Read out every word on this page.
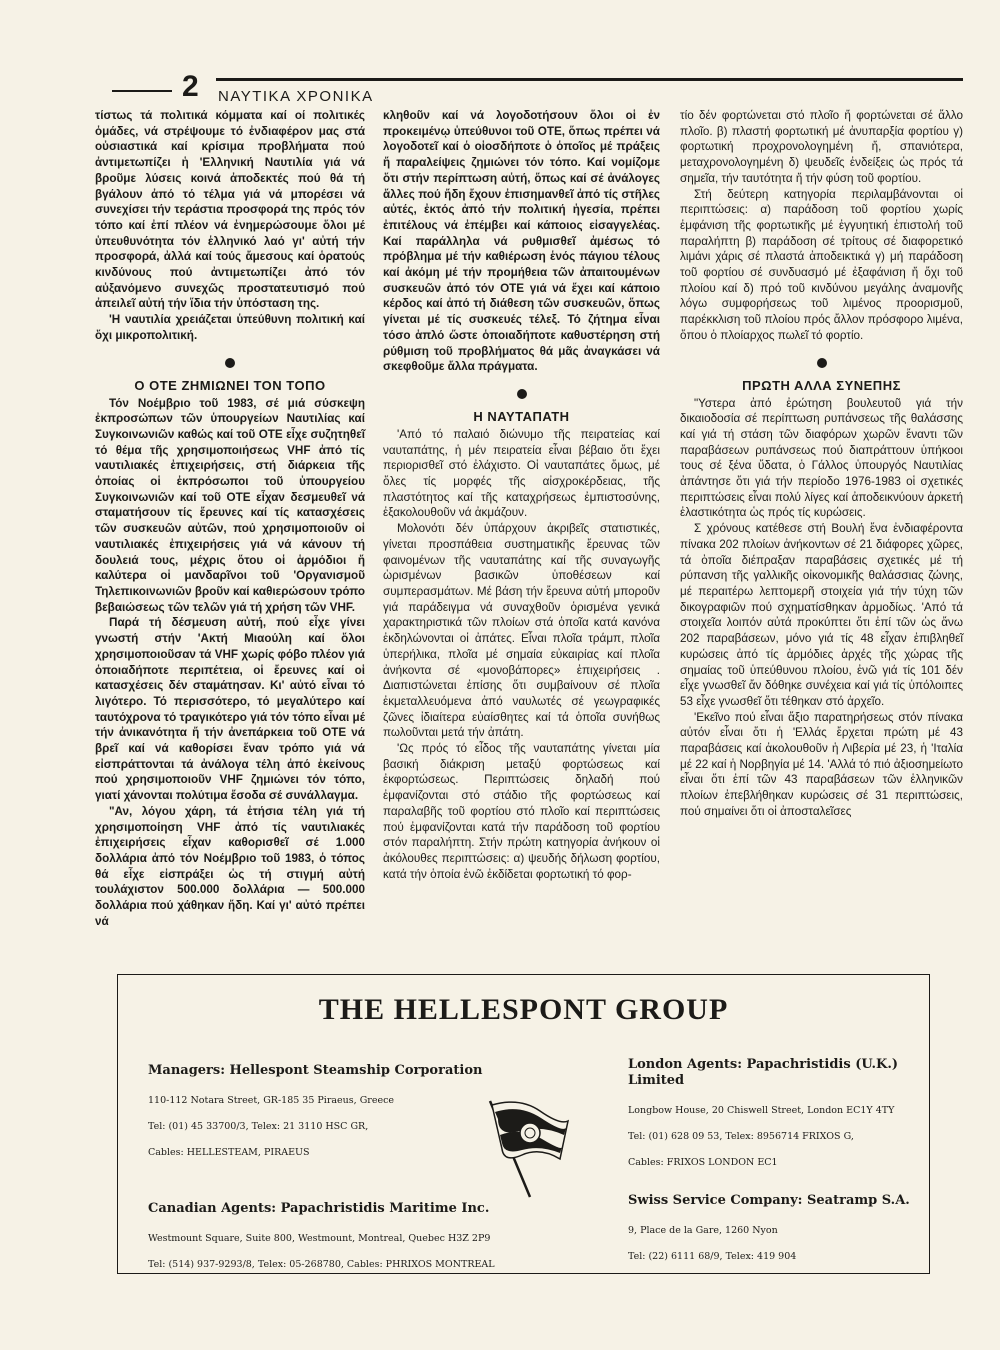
2 ΝΑΥΤΙΚΑ ΧΡΟΝΙΚΑ

τίστως τά πολιτικά κόμματα καί οί πολιτικές ὁμάδες, νά στρέψουμε τό ἐνδιαφέρον μας στά οὐσιαστικά καί κρίσιμα προβλήματα πού ἀντιμετωπίζει ἡ 'Ελληνική Ναυτιλία γιά νά βροῦμε λύσεις κοινά ἀποδεκτές πού θά τή βγάλουν ἀπό τό τέλμα γιά νά μπορέσει νά συνεχίσει τήν τεράστια προσφορά της πρός τόν τόπο καί ἐπί πλέον νά ἐνημερώσουμε ὅλοι μέ ὑπευθυνότητα τόν ἑλληνικό λαό γι' αὐτή τήν προσφορά, ἀλλά καί τούς ἄμεσους καί ὁρατούς κινδύνους πού ἀντιμετωπίζει ἀπό τόν αὐξανόμενο συνεχῶς προστατευτισμό πού ἀπειλεῖ αὐτή τήν ἴδια τήν ὑπόσταση της.

'Η ναυτιλία χρειάζεται ὑπεύθυνη πολιτική καί ὄχι μικροπολιτική.

Ο ΟΤΕ ΖΗΜΙΩΝΕΙ ΤΟΝ ΤΟΠΟ

Τόν Νοέμβριο τοῦ 1983, σέ μιά σύσκεψη ἐκπροσώπων τῶν ὑπουργείων Ναυτιλίας καί Συγκοινωνιῶν καθώς καί τοῦ ΟΤΕ εἶχε συζητηθεῖ τό θέμα τῆς χρησιμοποιήσεως VHF ἀπό τίς ναυτιλιακές ἐπιχειρήσεις, στή διάρκεια τῆς ὁποίας οἱ ἐκπρόσωποι τοῦ ὑπουργείου Συγκοινωνιῶν καί τοῦ ΟΤΕ εἶχαν δεσμευθεῖ νά σταματήσουν τίς ἔρευνες καί τίς κατασχέσεις τῶν συσκευῶν αὐτῶν, πού χρησιμοποιοῦν οἱ ναυτιλιακές ἐπιχειρήσεις γιά νά κάνουν τή δουλειά τους, μέχρις ὅτου οἱ ἁρμόδιοι ἤ καλύτερα οἱ μανδαρῖνοι τοῦ 'Οργανισμοῦ Τηλεπικοινωνιῶν βροῦν καί καθιερώσουν τρόπο βεβαιώσεως τῶν τελῶν γιά τή χρήση τῶν VHF.

Παρά τή δέσμευση αὐτή, πού εἶχε γίνει γνωστή στήν 'Ακτή Μιαούλη καί ὅλοι χρησιμοποιοῦσαν τά VHF χωρίς φόβο πλέον γιά ὁποιαδήποτε περιπέτεια, οἱ ἔρευνες καί οἱ κατασχέσεις δέν σταμάτησαν. Κι' αὐτό εἶναι τό λιγότερο. Τό περισσότερο, τό μεγαλύτερο καί ταυτόχρονα τό τραγικότερο γιά τόν τόπο εἶναι μέ τήν ἀνικανότητα ἤ τήν ἀνεπάρκεια τοῦ ΟΤΕ νά βρεῖ καί νά καθορίσει ἕναν τρόπο γιά νά εἰσπράττονται τά ἀνάλογα τέλη ἀπό ἐκείνους πού χρησιμοποιοῦν VHF ζημιώνει τόν τόπο, γιατί χάνονται πολύτιμα ἔσοδα σέ συνάλλαγμα.

"Αν, λόγου χάρη, τά ἐτήσια τέλη γιά τή χρησιμοποίηση VHF ἀπό τίς ναυτιλιακές ἐπιχειρήσεις εἶχαν καθορισθεῖ σέ 1.000 δολλάρια ἀπό τόν Νοέμβριο τοῦ 1983, ὁ τόπος θά εἶχε εἰσπράξει ὡς τή στιγμή αὐτή τουλάχιστον 500.000 δολλάρια — 500.000 δολλάρια πού χάθηκαν ἤδη. Καί γι' αὐτό πρέπει νά

κληθοῦν καί νά λογοδοτήσουν ὅλοι οἱ ἐν προκειμένῳ ὑπεύθυνοι τοῦ ΟΤΕ, ὅπως πρέπει νά λογοδοτεῖ καί ὁ οἱοσδήποτε ὁ ὁποῖος μέ πράξεις ἤ παραλείψεις ζημιώνει τόν τόπο. Καί νομίζομε ὅτι στήν περίπτωση αὐτή, ὅπως καί σέ ἀνάλογες ἄλλες πού ἤδη ἔχουν ἐπισημανθεῖ ἀπό τίς στῆλες αὐτές, ἐκτός ἀπό τήν πολιτική ἡγεσία, πρέπει ἐπιτέλους νά ἐπέμβει καί κάποιος εἰσαγγελέας. Καί παράλληλα νά ρυθμισθεῖ ἀμέσως τό πρόβλημα μέ τήν καθιέρωση ἑνός πάγιου τέλους καί ἀκόμη μέ τήν προμήθεια τῶν ἀπαιτουμένων συσκευῶν ἀπό τόν ΟΤΕ γιά νά ἔχει καί κάποιο κέρδος καί ἀπό τή διάθεση τῶν συσκευῶν, ὅπως γίνεται μέ τίς συσκευές τέλεξ. Τό ζήτημα εἶναι τόσο ἁπλό ὥστε ὁποιαδήποτε καθυστέρηση στή ρύθμιση τοῦ προβλήματος θά μᾶς ἀναγκάσει νά σκεφθοῦμε ἄλλα πράγματα.

Η ΝΑΥΤΑΠΑΤΗ

'Από τό παλαιό διώνυμο τῆς πειρατείας καί ναυταπάτης, ἡ μέν πειρατεία εἶναι βέβαιο ὅτι ἔχει περιορισθεῖ στό ἐλάχιστο. Οἱ ναυταπάτες ὅμως, μέ ὅλες τίς μορφές τῆς αἰσχροκέρδειας, τῆς πλαστότητος καί τῆς καταχρήσεως ἐμπιστοσύνης, ἐξακολουθοῦν νά ἀκμάζουν.

Μολονότι δέν ὑπάρχουν ἀκριβεῖς στατιστικές, γίνεται προσπάθεια συστηματικῆς ἔρευνας τῶν φαινομένων τῆς ναυταπάτης καί τῆς συναγωγῆς ὡρισμένων βασικῶν ὑποθέσεων καί συμπερασμάτων. Μέ βάση τήν ἔρευνα αὐτή μποροῦν γιά παράδειγμα νά συναχθοῦν ὁρισμένα γενικά χαρακτηριστικά τῶν πλοίων στά ὁποῖα κατά κανόνα ἐκδηλώνονται οἱ ἀπάτες. Εἶναι πλοῖα τράμπ, πλοῖα ὑπερήλικα, πλοῖα μέ σημαία εὐκαιρίας καί πλοῖα ἀνήκοντα σέ «μονοβάπορες» ἐπιχειρήσεις . Διαπιστώνεται ἐπίσης ὅτι συμβαίνουν σέ πλοῖα ἐκμεταλλευόμενα ἀπό ναυλωτές σέ γεωγραφικές ζῶνες ἰδιαίτερα εὐαίσθητες καί τά ὁποῖα συνήθως πωλοῦνται μετά τήν ἀπάτη.

'Ως πρός τό εἶδος τῆς ναυταπάτης γίνεται μία βασική διάκριση μεταξύ φορτώσεως καί ἐκφορτώσεως. Περιπτώσεις δηλαδή πού ἐμφανίζονται στό στάδιο τῆς φορτώσεως καί παραλαβῆς τοῦ φορτίου στό πλοῖο καί περιπτώσεις πού ἐμφανίζονται κατά τήν παράδοση τοῦ φορτίου στόν παραλήπτη. Στήν πρώτη κατηγορία ἀνήκουν οἱ ἀκόλουθες περιπτώσεις: α) ψευδής δήλωση φορτίου, κατά τήν ὁποία ἐνῶ ἐκδίδεται φορτωτική τό φορ-

τίο δέν φορτώνεται στό πλοῖο ἤ φορτώνεται σέ ἄλλο πλοῖο. β) πλαστή φορτωτική μέ ἀνυπαρξία φορτίου γ) φορτωτική προχρονολογημένη ἤ, σπανιότερα, μεταχρονολογημένη δ) ψευδεῖς ἐνδείξεις ὡς πρός τά σημεῖα, τήν ταυτότητα ἤ τήν φύση τοῦ φορτίου.

Στή δεύτερη κατηγορία περιλαμβάνονται οἱ περιπτώσεις: α) παράδοση τοῦ φορτίου χωρίς ἐμφάνιση τῆς φορτωτικῆς μέ ἐγγυητική ἐπιστολή τοῦ παραλήπτη β) παράδοση σέ τρίτους σέ διαφορετικό λιμάνι χάρις σέ πλαστά ἀποδεικτικά γ) μή παράδοση τοῦ φορτίου σέ συνδυασμό μέ ἐξαφάνιση ἤ ὄχι τοῦ πλοίου καί δ) πρό τοῦ κινδύνου μεγάλης ἀναμονῆς λόγω συμφορήσεως τοῦ λιμένος προορισμοῦ, παρέκκλιση τοῦ πλοίου πρός ἄλλον πρόσφορο λιμένα, ὅπου ὁ πλοίαρχος πωλεῖ τό φορτίο.

ΠΡΩΤΗ ΑΛΛΑ ΣΥΝΕΠΗΣ

"Υστερα ἀπό ἐρώτηση βουλευτοῦ γιά τήν δικαιοδοσία σέ περίπτωση ρυπάνσεως τῆς θαλάσσης καί γιά τή στάση τῶν διαφόρων χωρῶν ἔναντι τῶν παραβάσεων ρυπάνσεως πού διαπράττουν ὑπήκοοι τους σέ ξένα ὕδατα, ὁ Γάλλος ὑπουργός Ναυτιλίας ἀπάντησε ὅτι γιά τήν περίοδο 1976-1983 οἱ σχετικές περιπτώσεις εἶναι πολύ λίγες καί ἀποδεικνύουν ἀρκετή ἐλαστικότητα ὡς πρός τίς κυρώσεις.

Σ χρόνους κατέθεσε στή Βουλή ἕνα ἐνδιαφέροντα πίνακα 202 πλοίων ἀνήκοντων σέ 21 διάφορες χῶρες, τά ὁποῖα διέπραξαν παραβάσεις σχετικές μέ τή ρύπανση τῆς γαλλικῆς οἰκονομικῆς θαλάσσιας ζώνης, μέ περαιτέρω λεπτομερῆ στοιχεία γιά τήν τύχη τῶν δικογραφιῶν πού σχηματίσθηκαν ἁρμοδίως. 'Από τά στοιχεῖα λοιπόν αὐτά προκύπτει ὅτι ἐπί τῶν ὡς ἄνω 202 παραβάσεων, μόνο γιά τίς 48 εἶχαν ἐπιβληθεῖ κυρώσεις ἀπό τίς ἁρμόδιες ἀρχές τῆς χώρας τῆς σημαίας τοῦ ὑπεύθυνου πλοίου, ἐνῶ γιά τίς 101 δέν εἶχε γνωσθεῖ ἄν δόθηκε συνέχεια καί γιά τίς ὑπόλοιπες 53 εἶχε γνωσθεῖ ὅτι τέθηκαν στό ἀρχεῖο.

'Εκεῖνο πού εἶναι ἄξιο παρατηρήσεως στόν πίνακα αὐτόν εἶναι ὅτι ἡ 'Ελλάς ἔρχεται πρώτη μέ 43 παραβάσεις καί ἀκολουθοῦν ἡ Λιβερία μέ 23, ἡ 'Ιταλία μέ 22 καί ἡ Νορβηγία μέ 14. 'Αλλά τό πιό ἀξιοσημείωτο εἶναι ὅτι ἐπί τῶν 43 παραβάσεων τῶν ἑλληνικῶν πλοίων ἐπεβλήθηκαν κυρώσεις σέ 31 περιπτώσεις, πού σημαίνει ὅτι οἱ ἀποσταλεῖσες

THE HELLESPONT GROUP
Managers: Hellespont Steamship Corporation
110-112 Notara Street, GR-185 35 Piraeus, Greece
Tel: (01) 45 33700/3, Telex: 21 3110 HSC GR,
Cables: HELLESTEAM, PIRAEUS
London Agents: Papachristidis (U.K.) Limited
Longbow House, 20 Chiswell Street, London EC1Y 4TY
Tel: (01) 628 09 53, Telex: 8956714 FRIXOS G,
Cables: FRIXOS LONDON EC1
Canadian Agents: Papachristidis Maritime Inc.
Westmount Square, Suite 800, Westmount, Montreal, Quebec H3Z 2P9
Tel: (514) 937-9293/8, Telex: 05-268780, Cables: PHRIXOS MONTREAL
Swiss Service Company: Seatramp S.A.
9, Place de la Gare, 1260 Nyon
Tel: (22) 6111 68/9, Telex: 419 904
